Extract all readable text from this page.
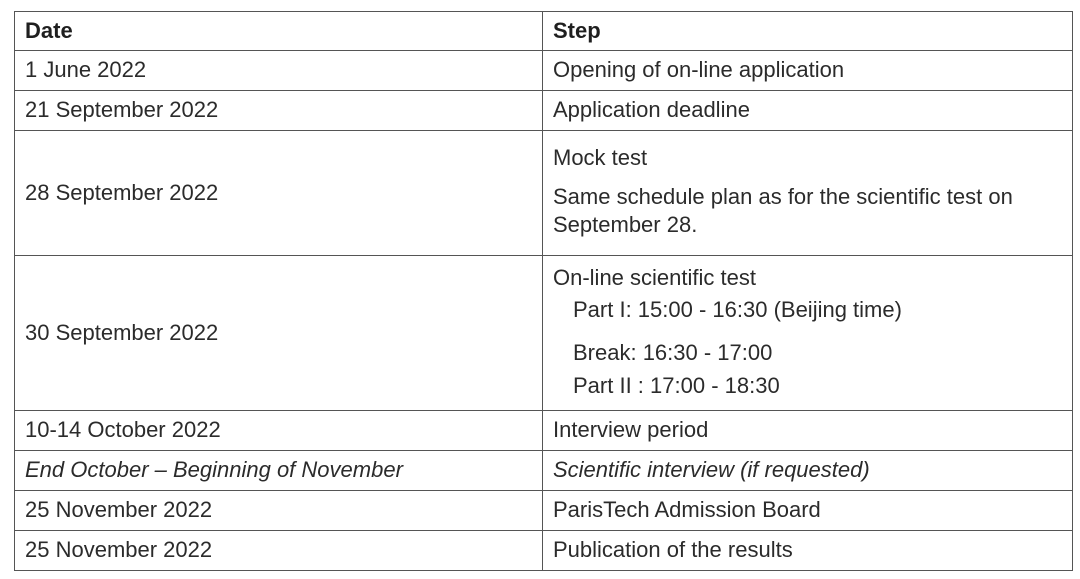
Date	Step
1 June 2022	Opening of on-line application
21 September 2022	Application deadline
28 September 2022	Mock test
Same schedule plan as for the scientific test on September 28.

30 September 2022	On-line scientific test
Part I: 15:00 - 16:30 (Beijing time)
Break: 16:30 - 17:00
Part II : 17:00 - 18:30

10-14 October 2022	Interview period
End October – Beginning of November	Scientific interview (if requested)
25 November 2022	ParisTech Admission Board
25 November 2022	Publication of the results
